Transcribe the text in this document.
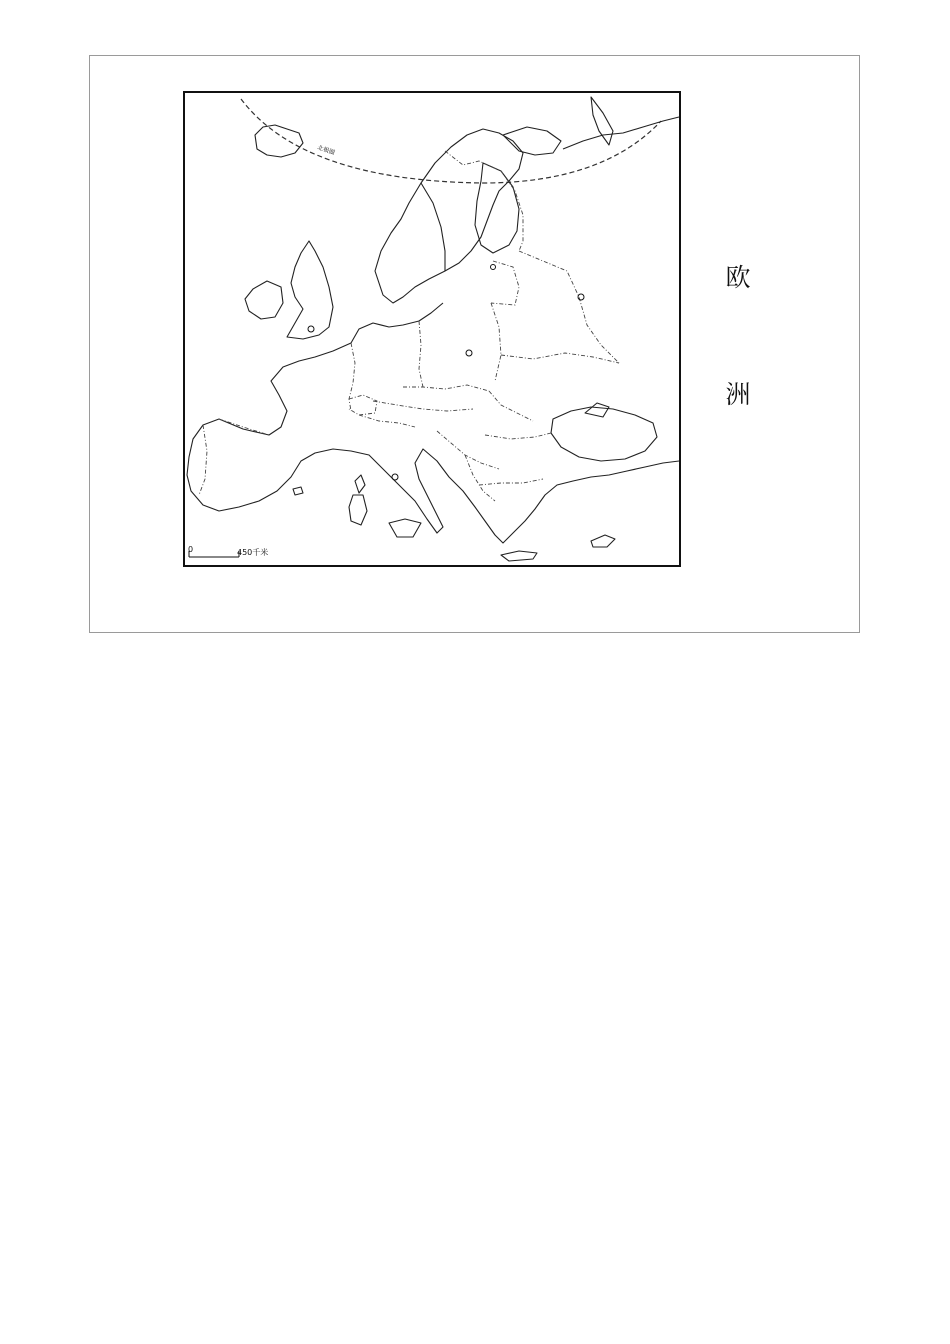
北极圈
0	450千米
欧
洲
